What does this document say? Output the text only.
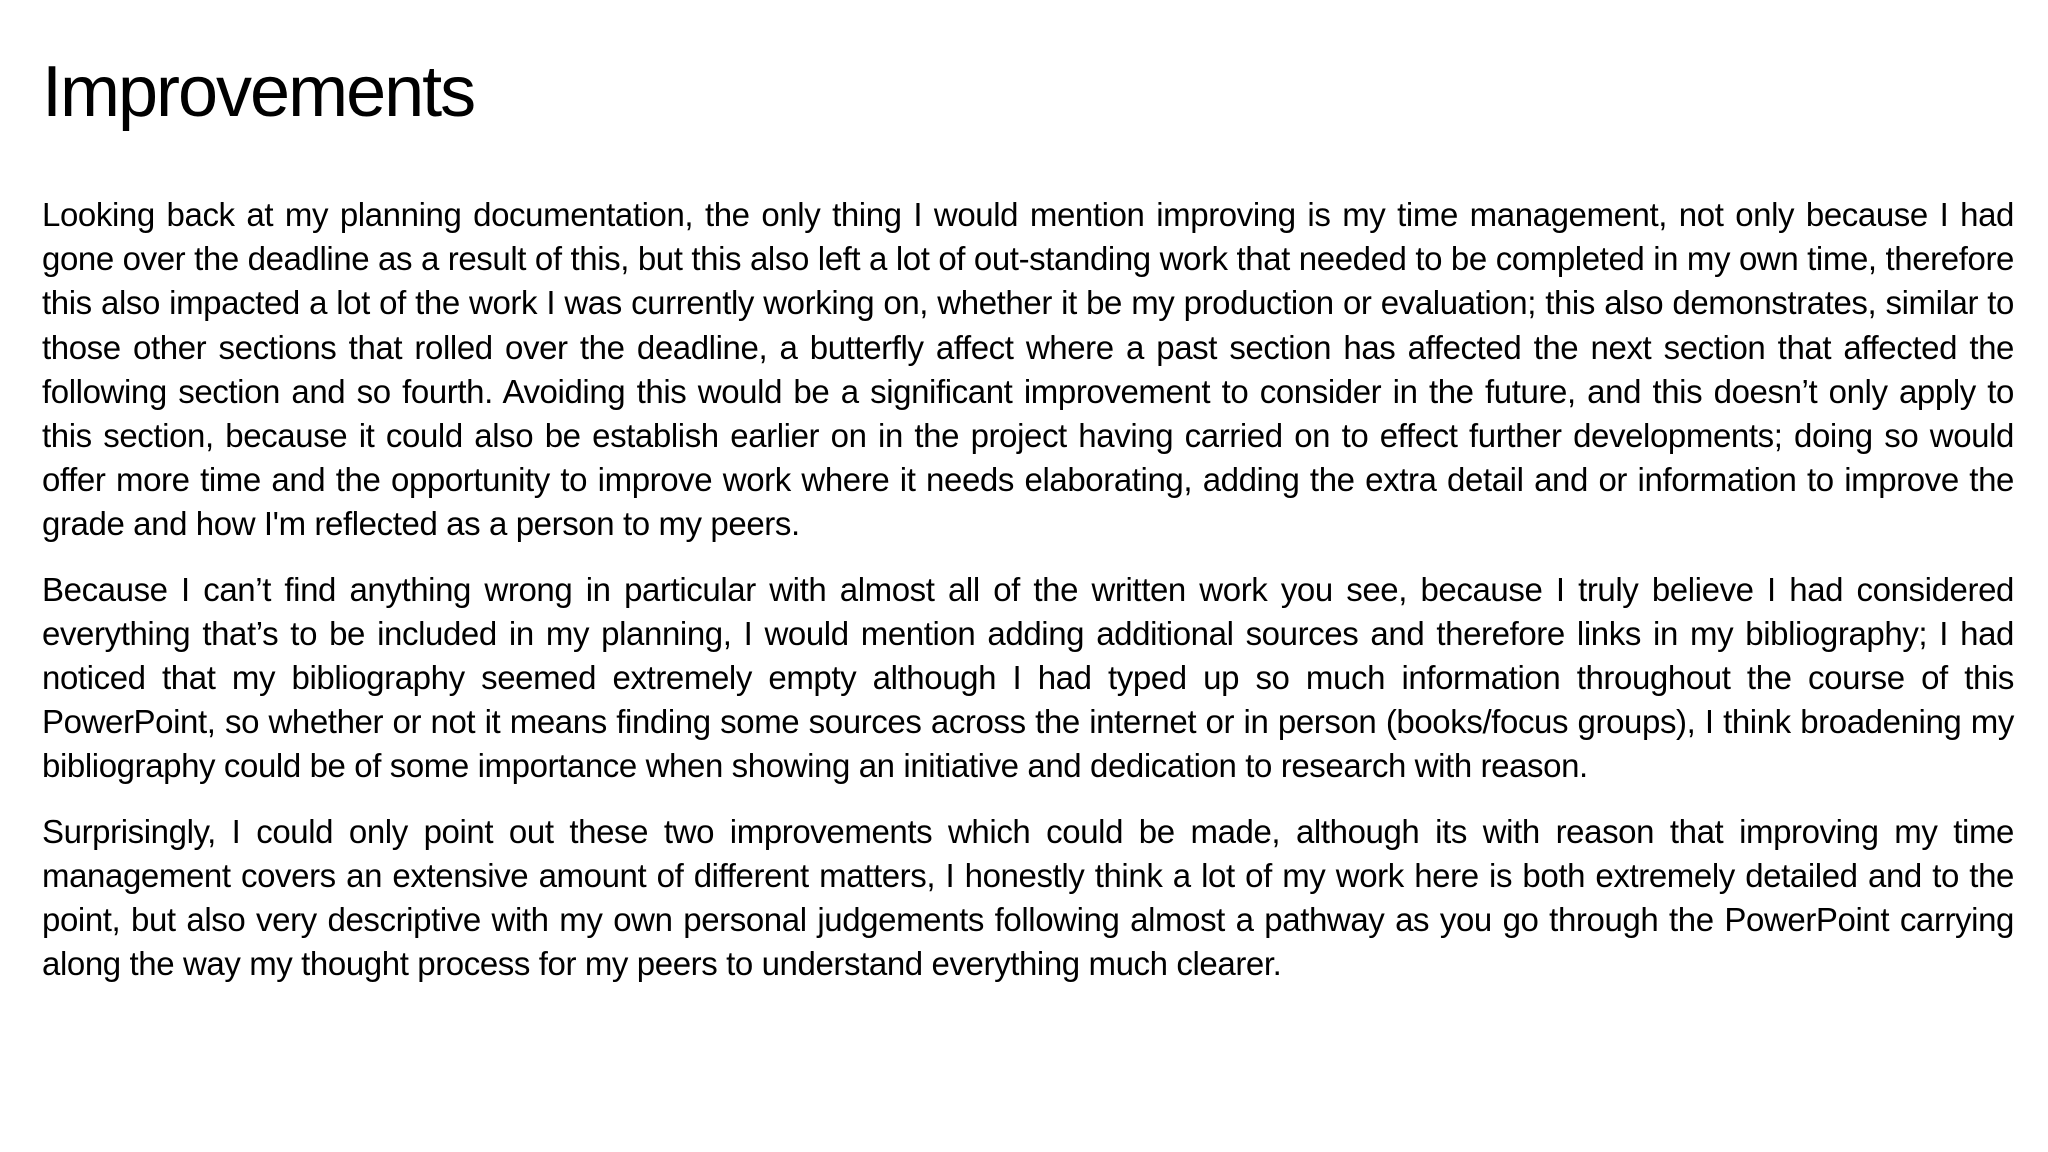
Improvements

Looking back at my planning documentation, the only thing I would mention improving is my time management, not only because I had gone over the deadline as a result of this, but this also left a lot of out-standing work that needed to be completed in my own time, therefore this also impacted a lot of the work I was currently working on, whether it be my production or evaluation; this also demonstrates, similar to those other sections that rolled over the deadline, a butterfly affect where a past section has affected the next section that affected the following section and so fourth. Avoiding this would be a significant improvement to consider in the future, and this doesn’t only apply to this section, because it could also be establish earlier on in the project having carried on to effect further developments; doing so would offer more time and the opportunity to improve work where it needs elaborating, adding the extra detail and or information to improve the grade and how I'm reflected as a person to my peers.

Because I can’t find anything wrong in particular with almost all of the written work you see, because I truly believe I had considered everything that’s to be included in my planning, I would mention adding additional sources and therefore links in my bibliography; I had noticed that my bibliography seemed extremely empty although I had typed up so much information throughout the course of this PowerPoint, so whether or not it means finding some sources across the internet or in person (books/focus groups), I think broadening my bibliography could be of some importance when showing an initiative and dedication to research with reason.

Surprisingly, I could only point out these two improvements which could be made, although its with reason that improving my time management covers an extensive amount of different matters, I honestly think a lot of my work here is both extremely detailed and to the point, but also very descriptive with my own personal judgements following almost a pathway as you go through the PowerPoint carrying along the way my thought process for my peers to understand everything much clearer.
